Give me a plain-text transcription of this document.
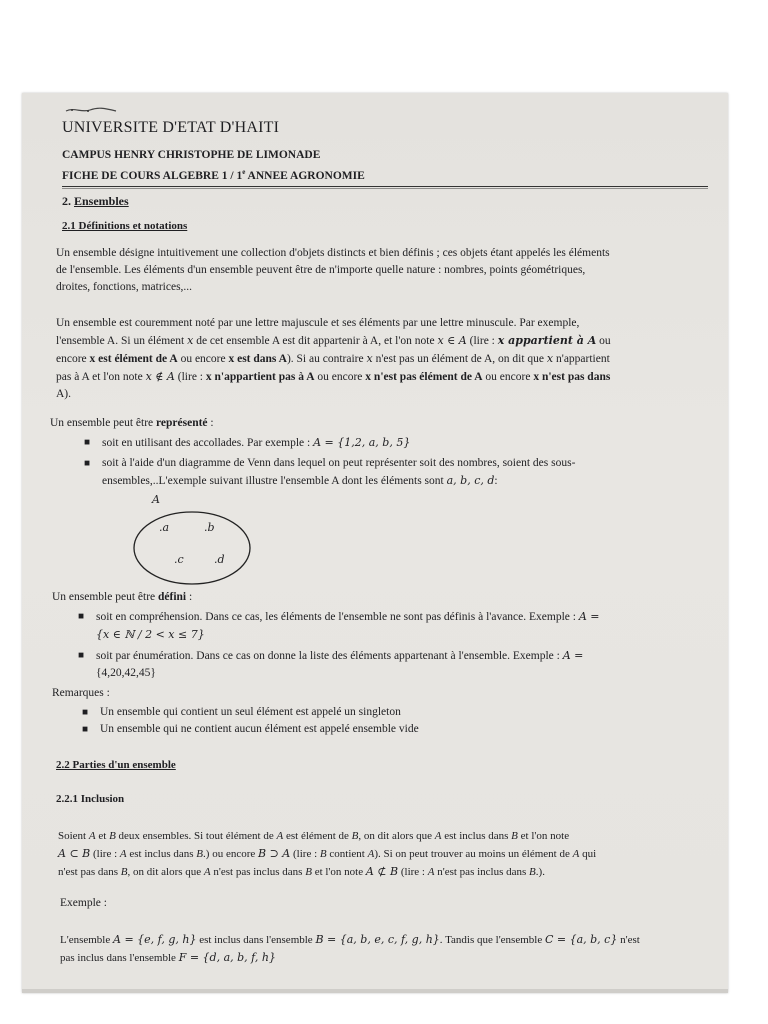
UNIVERSITE D'ETAT D'HAITI
CAMPUS HENRY CHRISTOPHE DE LIMONADE
FICHE DE COURS ALGEBRE 1 / 1e ANNEE AGRONOMIE
2. Ensembles
2.1 Définitions et notations
Un ensemble désigne intuitivement une collection d'objets distincts et bien définis ; ces objets étant appelés les éléments
de l'ensemble. Les éléments d'un ensemble peuvent être de n'importe quelle nature : nombres, points géométriques,
droites, fonctions, matrices,...
Un ensemble est couremment noté par une lettre majuscule et ses éléments par une lettre minuscule. Par exemple,
l'ensemble A. Si un élément x de cet ensemble A est dit appartenir à A, et l'on note x ∈ A (lire : x appartient à A ou
encore x est élément de A ou encore x est dans A). Si au contraire x n'est pas un élément de A, on dit que x n'appartient
pas à A et l'on note x ∉ A (lire : x n'appartient pas à A ou encore x n'est pas élément de A ou encore x n'est pas dans
A).
Un ensemble peut être représenté :
■ soit en utilisant des accollades. Par exemple : A = {1,2, a, b, 5}
■ soit à l'aide d'un diagramme de Venn dans lequel on peut représenter soit des nombres, soient des sous-
ensembles,..L'exemple suivant illustre l'ensemble A dont les éléments sont a, b, c, d:
A
.a	.b
.c	.d
Un ensemble peut être défini :
■ soit en compréhension. Dans ce cas, les éléments de l'ensemble ne sont pas définis à l'avance. Exemple : A =
{x ∈ ℕ / 2 < x ≤ 7}
■ soit par énumération. Dans ce cas on donne la liste des éléments appartenant à l'ensemble. Exemple : A =
{4,20,42,45}
Remarques :
■ Un ensemble qui contient un seul élément est appelé un singleton
■ Un ensemble qui ne contient aucun élément est appelé ensemble vide
2.2 Parties d'un ensemble
2.2.1 Inclusion
Soient A et B deux ensembles. Si tout élément de A est élément de B, on dit alors que A est inclus dans B et l'on note
A ⊂ B (lire : A est inclus dans B.) ou encore B ⊃ A (lire : B contient A). Si on peut trouver au moins un élément de A qui
n'est pas dans B, on dit alors que A n'est pas inclus dans B et l'on note A ⊄ B (lire : A n'est pas inclus dans B.).
Exemple :
L'ensemble A = {e, f, g, h} est inclus dans l'ensemble B = {a, b, e, c, f, g, h}. Tandis que l'ensemble C = {a, b, c} n'est
pas inclus dans l'ensemble F = {d, a, b, f, h}
